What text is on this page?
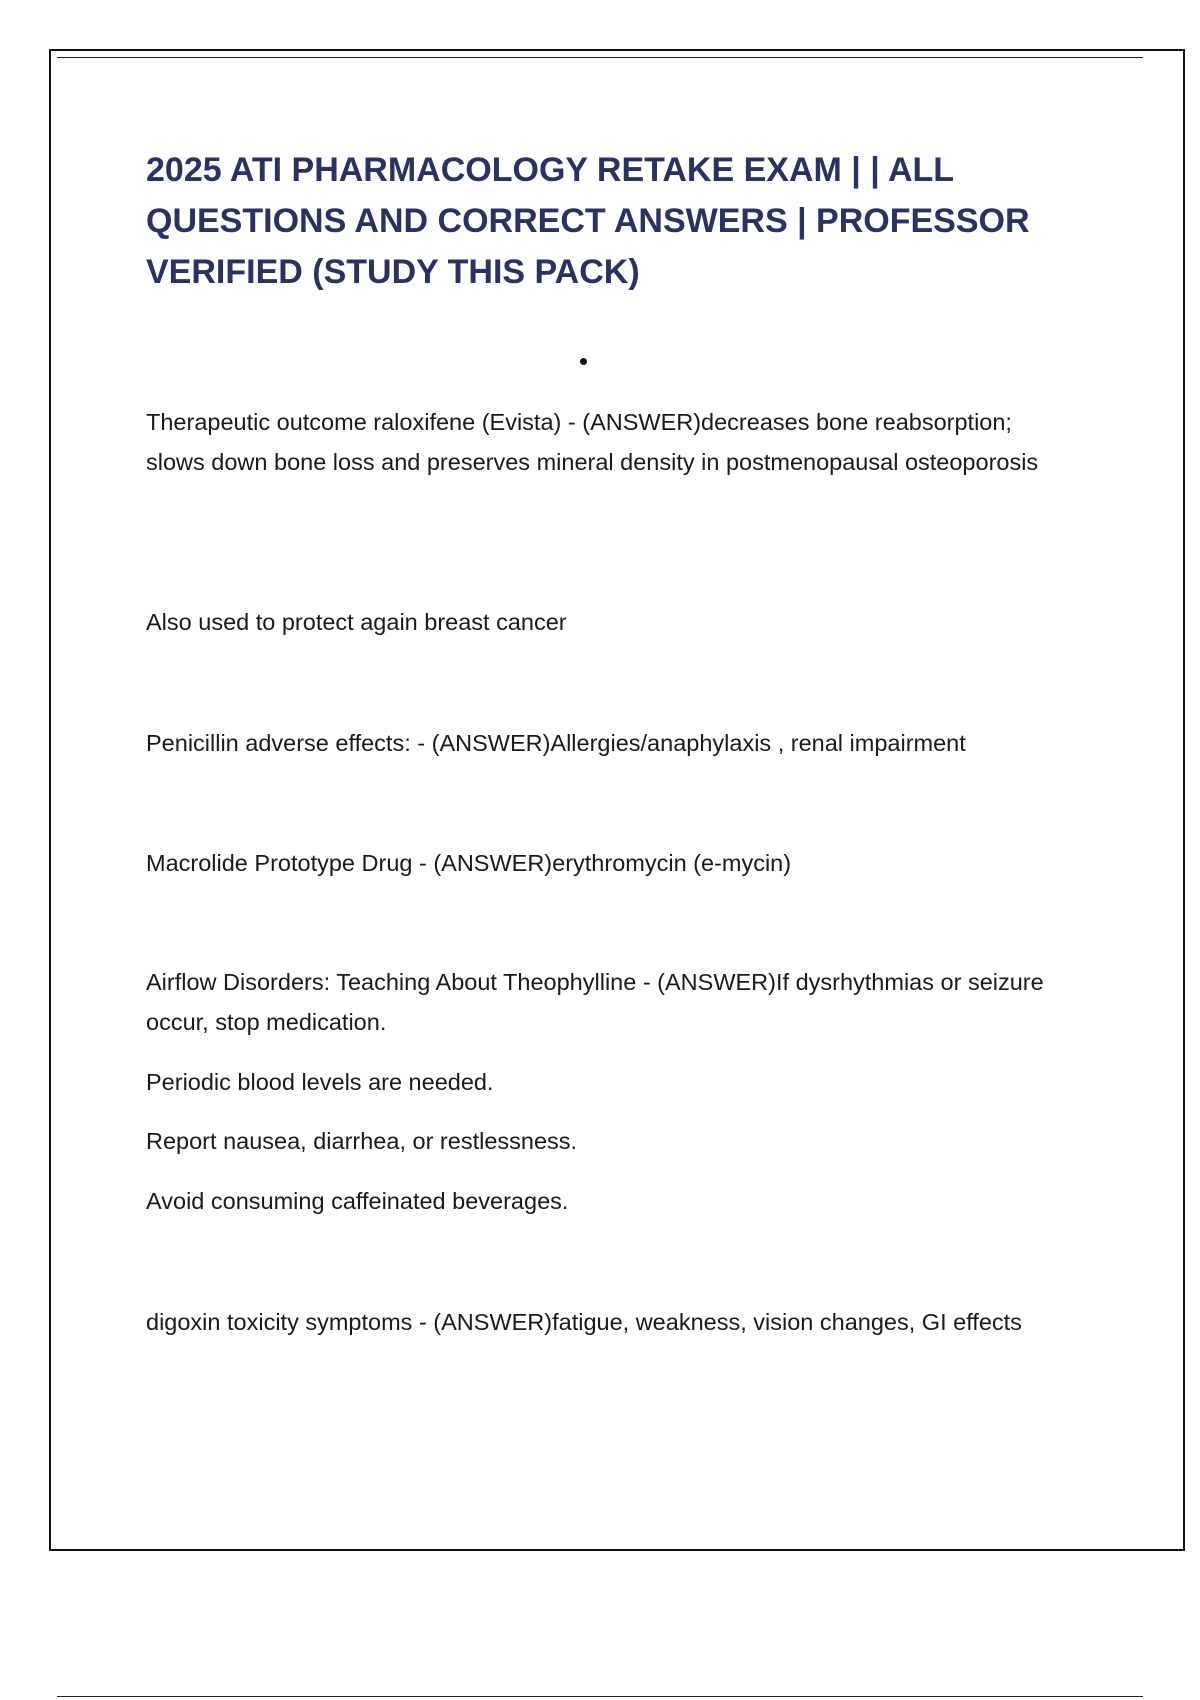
2025 ATI PHARMACOLOGY RETAKE EXAM | | ALL QUESTIONS AND CORRECT ANSWERS | PROFESSOR VERIFIED (STUDY THIS PACK)

Therapeutic outcome raloxifene (Evista) - (ANSWER)decreases bone reabsorption; slows down bone loss and preserves mineral density in postmenopausal osteoporosis

Also used to protect again breast cancer

Penicillin adverse effects: - (ANSWER)Allergies/anaphylaxis , renal impairment

Macrolide Prototype Drug - (ANSWER)erythromycin (e-mycin)

Airflow Disorders: Teaching About Theophylline - (ANSWER)If dysrhythmias or seizure occur, stop medication.

Periodic blood levels are needed.

Report nausea, diarrhea, or restlessness.

Avoid consuming caffeinated beverages.

digoxin toxicity symptoms - (ANSWER)fatigue, weakness, vision changes, GI effects
